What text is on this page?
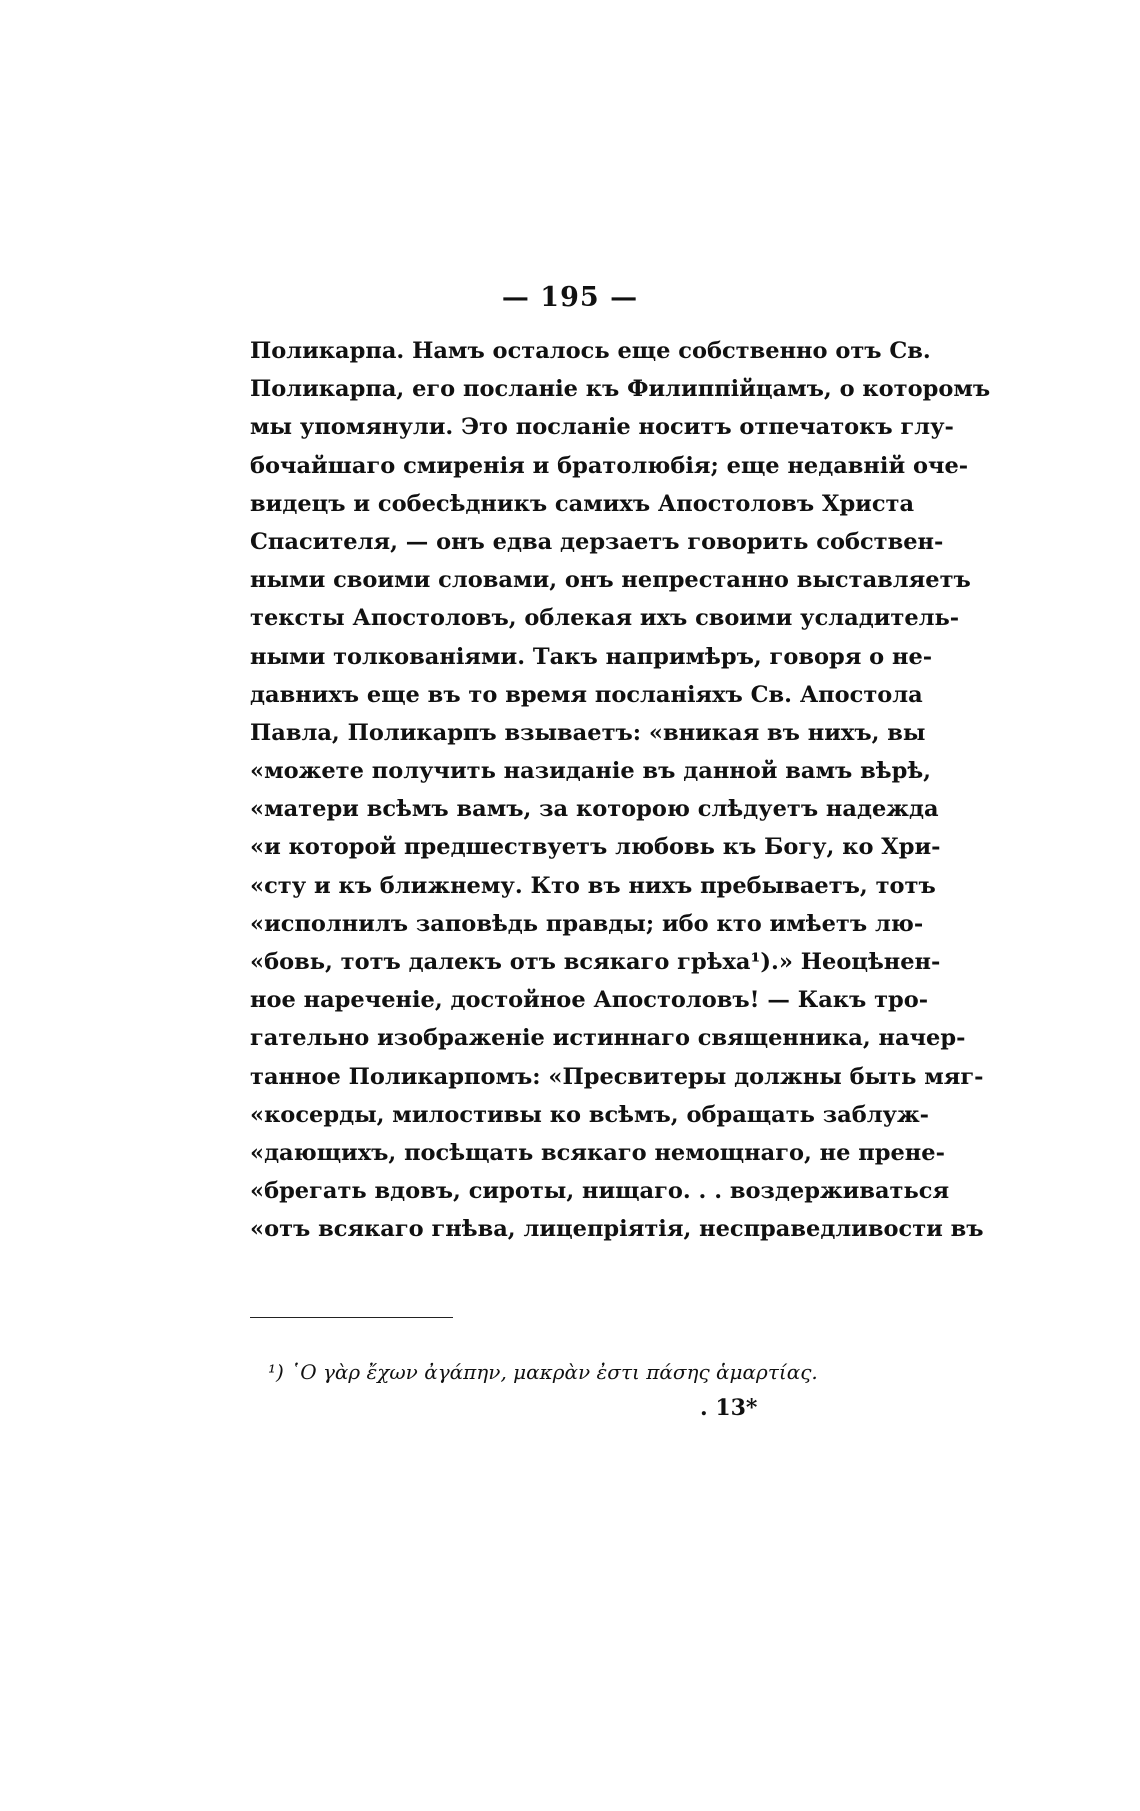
— 195 —
Поликарпа. Намъ осталось еще собственно отъ Св.
Поликарпа, его посланіе къ Филиппійцамъ, о которомъ
мы упомянули. Это посланіе носитъ отпечатокъ глу-
бочайшаго смиренія и братолюбія; еще недавній оче-
видецъ и собесѣдникъ самихъ Апостоловъ Христа
Спасителя, — онъ едва дерзаетъ говорить собствен-
ными своими словами, онъ непрестанно выставляетъ
тексты Апостоловъ, облекая ихъ своими усладитель-
ными толкованіями. Такъ напримѣръ, говоря о не-
давнихъ еще въ то время посланіяхъ Св. Апостола
Павла, Поликарпъ взываетъ: «вникая въ нихъ, вы
«можете получить назиданіе въ данной вамъ вѣрѣ,
«матери всѣмъ вамъ, за которою слѣдуетъ надежда
«и которой предшествуетъ любовь къ Богу, ко Хри-
«сту и къ ближнему. Кто въ нихъ пребываетъ, тотъ
«исполнилъ заповѣдь правды; ибо кто имѣетъ лю-
«бовь, тотъ далекъ отъ всякаго грѣха¹).» Неоцѣнен-
ное нареченіе, достойное Апостоловъ! — Какъ тро-
гательно изображеніе истиннаго священника, начер-
танное Поликарпомъ: «Пресвитеры должны быть мяг-
«косерды, милостивы ко всѣмъ, обращать заблуж-
«дающихъ, посѣщать всякаго немощнаго, не прене-
«брегать вдовъ, сироты, нищаго. . . воздерживаться
«отъ всякаго гнѣва, лицепріятія, несправедливости въ
¹) ῾Ο γὰρ ἔχων ἀγάπην, μακρὰν ἐστι πάσης ἁμαρτίας.
. 13*
